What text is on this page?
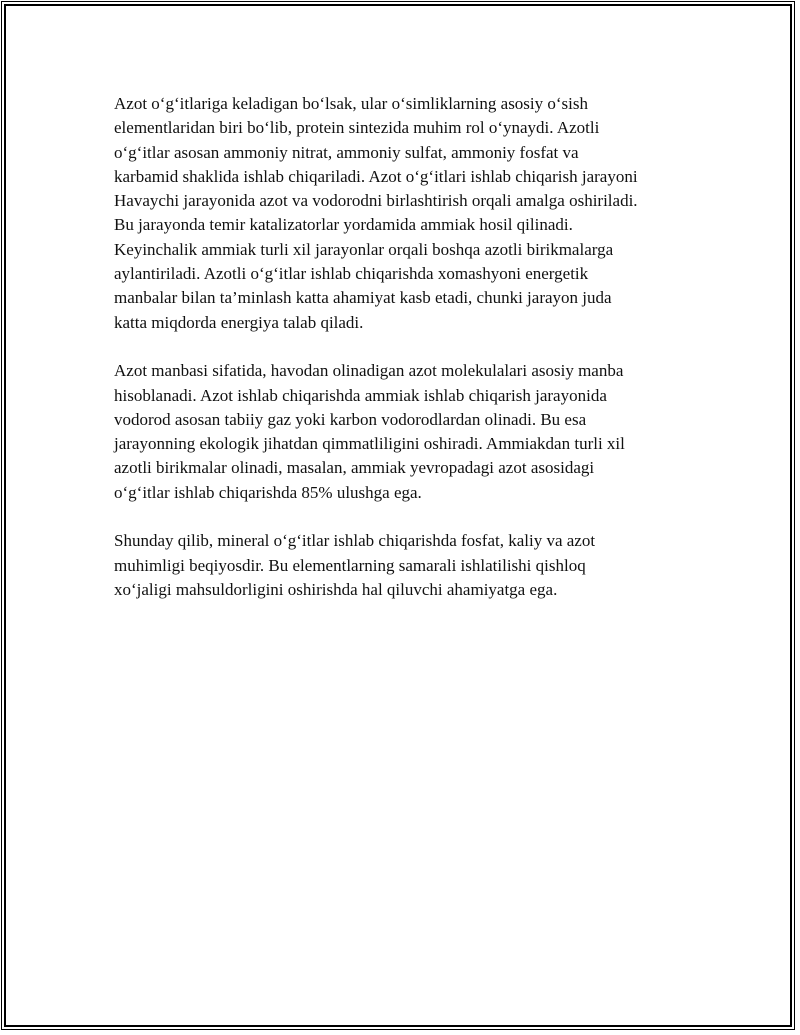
Azot o‘g‘itlariga keladigan bo‘lsak, ular o‘simliklarning asosiy o‘sish
elementlaridan biri bo‘lib, protein sintezida muhim rol o‘ynaydi. Azotli
o‘g‘itlar asosan ammoniy nitrat, ammoniy sulfat, ammoniy fosfat va
karbamid shaklida ishlab chiqariladi. Azot o‘g‘itlari ishlab chiqarish jarayoni
Havaychi jarayonida azot va vodorodni birlashtirish orqali amalga oshiriladi.
Bu jarayonda temir katalizatorlar yordamida ammiak hosil qilinadi.
Keyinchalik ammiak turli xil jarayonlar orqali boshqa azotli birikmalarga
aylantiriladi. Azotli o‘g‘itlar ishlab chiqarishda xomashyoni energetik
manbalar bilan ta’minlash katta ahamiyat kasb etadi, chunki jarayon juda
katta miqdorda energiya talab qiladi.

Azot manbasi sifatida, havodan olinadigan azot molekulalari asosiy manba
hisoblanadi. Azot ishlab chiqarishda ammiak ishlab chiqarish jarayonida
vodorod asosan tabiiy gaz yoki karbon vodorodlardan olinadi. Bu esa
jarayonning ekologik jihatdan qimmatliligini oshiradi. Ammiakdan turli xil
azotli birikmalar olinadi, masalan, ammiak yevropadagi azot asosidagi
o‘g‘itlar ishlab chiqarishda 85% ulushga ega.

Shunday qilib, mineral o‘g‘itlar ishlab chiqarishda fosfat, kaliy va azot
muhimligi beqiyosdir. Bu elementlarning samarali ishlatilishi qishloq
xo‘jaligi mahsuldorligini oshirishda hal qiluvchi ahamiyatga ega.
